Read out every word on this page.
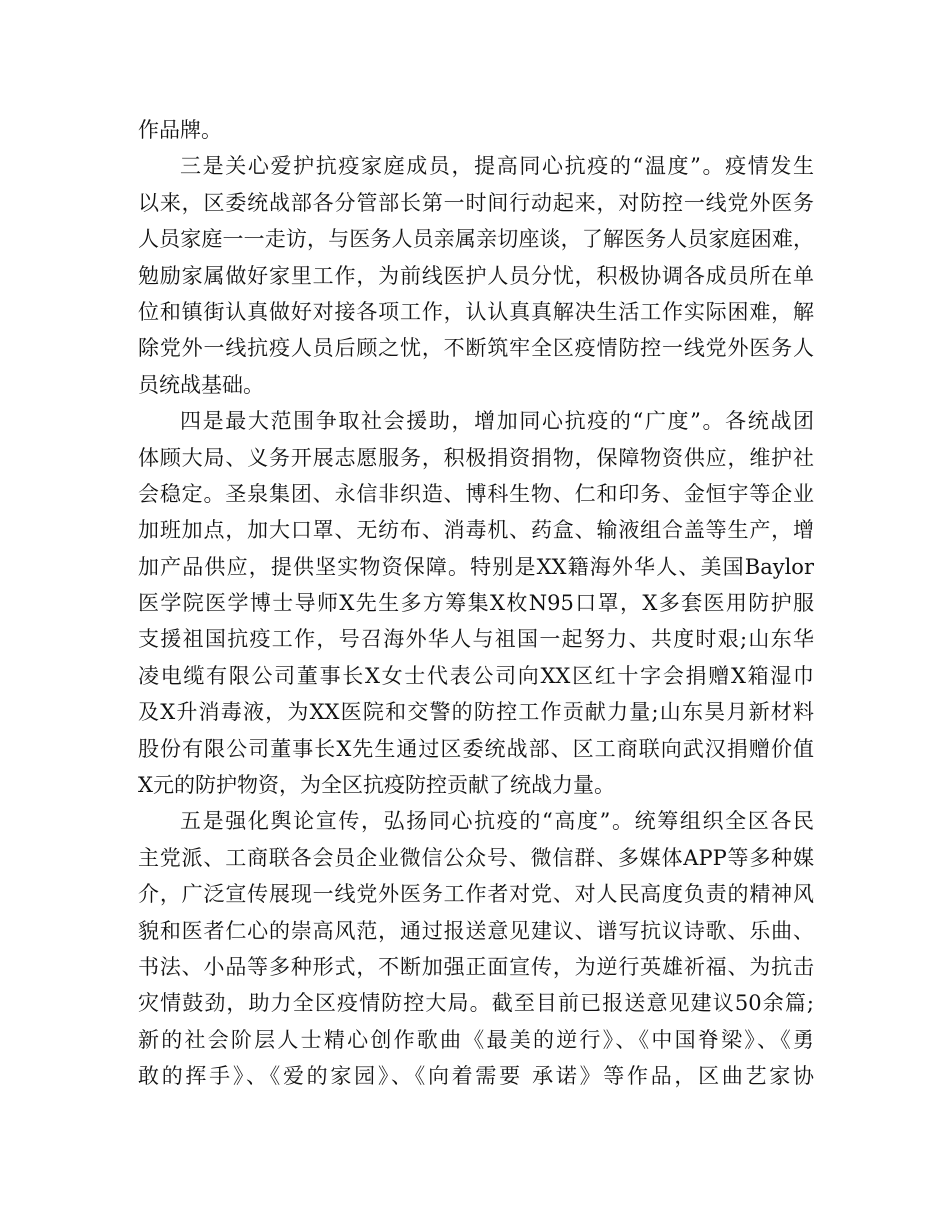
作品牌。
三是关心爱护抗疫家庭成员，提高同心抗疫的“温度”。疫情发生
以来，区委统战部各分管部长第一时间行动起来，对防控一线党外医务
人员家庭一一走访，与医务人员亲属亲切座谈，了解医务人员家庭困难，
勉励家属做好家里工作，为前线医护人员分忧，积极协调各成员所在单
位和镇街认真做好对接各项工作，认认真真解决生活工作实际困难，解
除党外一线抗疫人员后顾之忧，不断筑牢全区疫情防控一线党外医务人
员统战基础。
四是最大范围争取社会援助，增加同心抗疫的“广度”。各统战团
体顾大局、义务开展志愿服务，积极捐资捐物，保障物资供应，维护社
会稳定。圣泉集团、永信非织造、博科生物、仁和印务、金恒宇等企业
加班加点，加大口罩、无纺布、消毒机、药盒、输液组合盖等生产，增
加产品供应，提供坚实物资保障。特别是XX籍海外华人、美国Baylor
医学院医学博士导师X先生多方筹集X枚N95口罩，X多套医用防护服
支援祖国抗疫工作，号召海外华人与祖国一起努力、共度时艰;山东华
凌电缆有限公司董事长X女士代表公司向XX区红十字会捐赠X箱湿巾
及X升消毒液，为XX医院和交警的防控工作贡献力量;山东昊月新材料
股份有限公司董事长X先生通过区委统战部、区工商联向武汉捐赠价值
X元的防护物资，为全区抗疫防控贡献了统战力量。
五是强化舆论宣传，弘扬同心抗疫的“高度”。统筹组织全区各民
主党派、工商联各会员企业微信公众号、微信群、多媒体APP等多种媒
介，广泛宣传展现一线党外医务工作者对党、对人民高度负责的精神风
貌和医者仁心的崇高风范，通过报送意见建议、谱写抗议诗歌、乐曲、
书法、小品等多种形式，不断加强正面宣传，为逆行英雄祈福、为抗击
灾情鼓劲，助力全区疫情防控大局。截至目前已报送意见建议50余篇;
新的社会阶层人士精心创作歌曲《最美的逆行》、《中国脊梁》、《勇
敢的挥手》、《爱的家园》、《向着需要 承诺》等作品，区曲艺家协
